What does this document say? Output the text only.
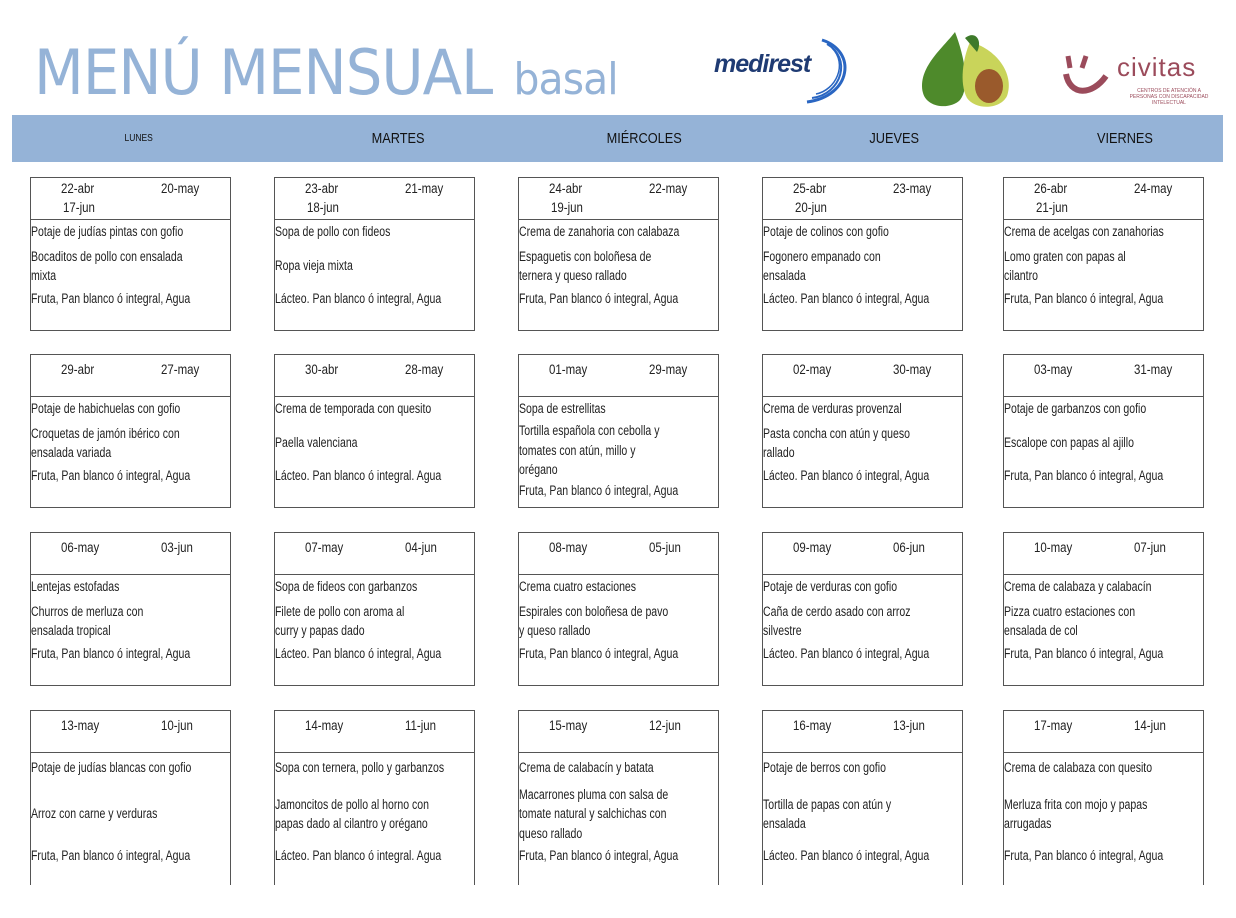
MENÚ MENSUAL basal	medirest	civitas
CENTROS DE ATENCIÓN A PERSONAS CON DISCAPACIDAD INTELECTUAL
LUNES	MARTES	MIÉRCOLES	JUEVES	VIERNES
22-abr	20-may
17-jun
Potaje de judías pintas con gofio
Bocaditos de pollo con ensalada mixta
Fruta, Pan blanco ó integral, Agua
23-abr	21-may
18-jun
Sopa de pollo con fideos
Ropa vieja mixta
Lácteo. Pan blanco ó integral, Agua
24-abr	22-may
19-jun
Crema de zanahoria con calabaza
Espaguetis con boloñesa de ternera y queso rallado
Fruta, Pan blanco ó integral, Agua
25-abr	23-may
20-jun
Potaje de colinos con gofio
Fogonero empanado con ensalada
Lácteo. Pan blanco ó integral, Agua
26-abr	24-may
21-jun
Crema de acelgas con zanahorias
Lomo graten con papas al cilantro
Fruta, Pan blanco ó integral, Agua
29-abr	27-may
Potaje de habichuelas con gofio
Croquetas de jamón ibérico con ensalada variada
Fruta, Pan blanco ó integral, Agua
30-abr	28-may
Crema de temporada con quesito
Paella valenciana
Lácteo. Pan blanco ó integral. Agua
01-may	29-may
Sopa de estrellitas
Tortilla española con cebolla y tomates con atún, millo y orégano
Fruta, Pan blanco ó integral, Agua
02-may	30-may
Crema de verduras provenzal
Pasta concha con atún y queso rallado
Lácteo. Pan blanco ó integral, Agua
03-may	31-may
Potaje de garbanzos con gofio
Escalope con papas al ajillo
Fruta, Pan blanco ó integral, Agua
06-may	03-jun
Lentejas estofadas
Churros de merluza con ensalada tropical
Fruta, Pan blanco ó integral, Agua
07-may	04-jun
Sopa de fideos con garbanzos
Filete de pollo con aroma al curry y papas dado
Lácteo. Pan blanco ó integral, Agua
08-may	05-jun
Crema cuatro estaciones
Espirales con boloñesa de pavo y queso rallado
Fruta, Pan blanco ó integral, Agua
09-may	06-jun
Potaje de verduras con gofio
Caña de cerdo asado con arroz silvestre
Lácteo. Pan blanco ó integral, Agua
10-may	07-jun
Crema de calabaza y calabacín
Pizza cuatro estaciones con ensalada de col
Fruta, Pan blanco ó integral, Agua
13-may	10-jun
Potaje de judías blancas con gofio
Arroz con carne y verduras
Fruta, Pan blanco ó integral, Agua
14-may	11-jun
Sopa con ternera, pollo y garbanzos
Jamoncitos de pollo al horno con papas dado al cilantro y orégano
Lácteo. Pan blanco ó integral. Agua
15-may	12-jun
Crema de calabacín y batata
Macarrones pluma con salsa de tomate natural y salchichas con queso rallado
Fruta, Pan blanco ó integral, Agua
16-may	13-jun
Potaje de berros con gofio
Tortilla de papas con atún y ensalada
Lácteo. Pan blanco ó integral, Agua
17-may	14-jun
Crema de calabaza con quesito
Merluza frita con mojo y papas arrugadas
Fruta, Pan blanco ó integral, Agua
